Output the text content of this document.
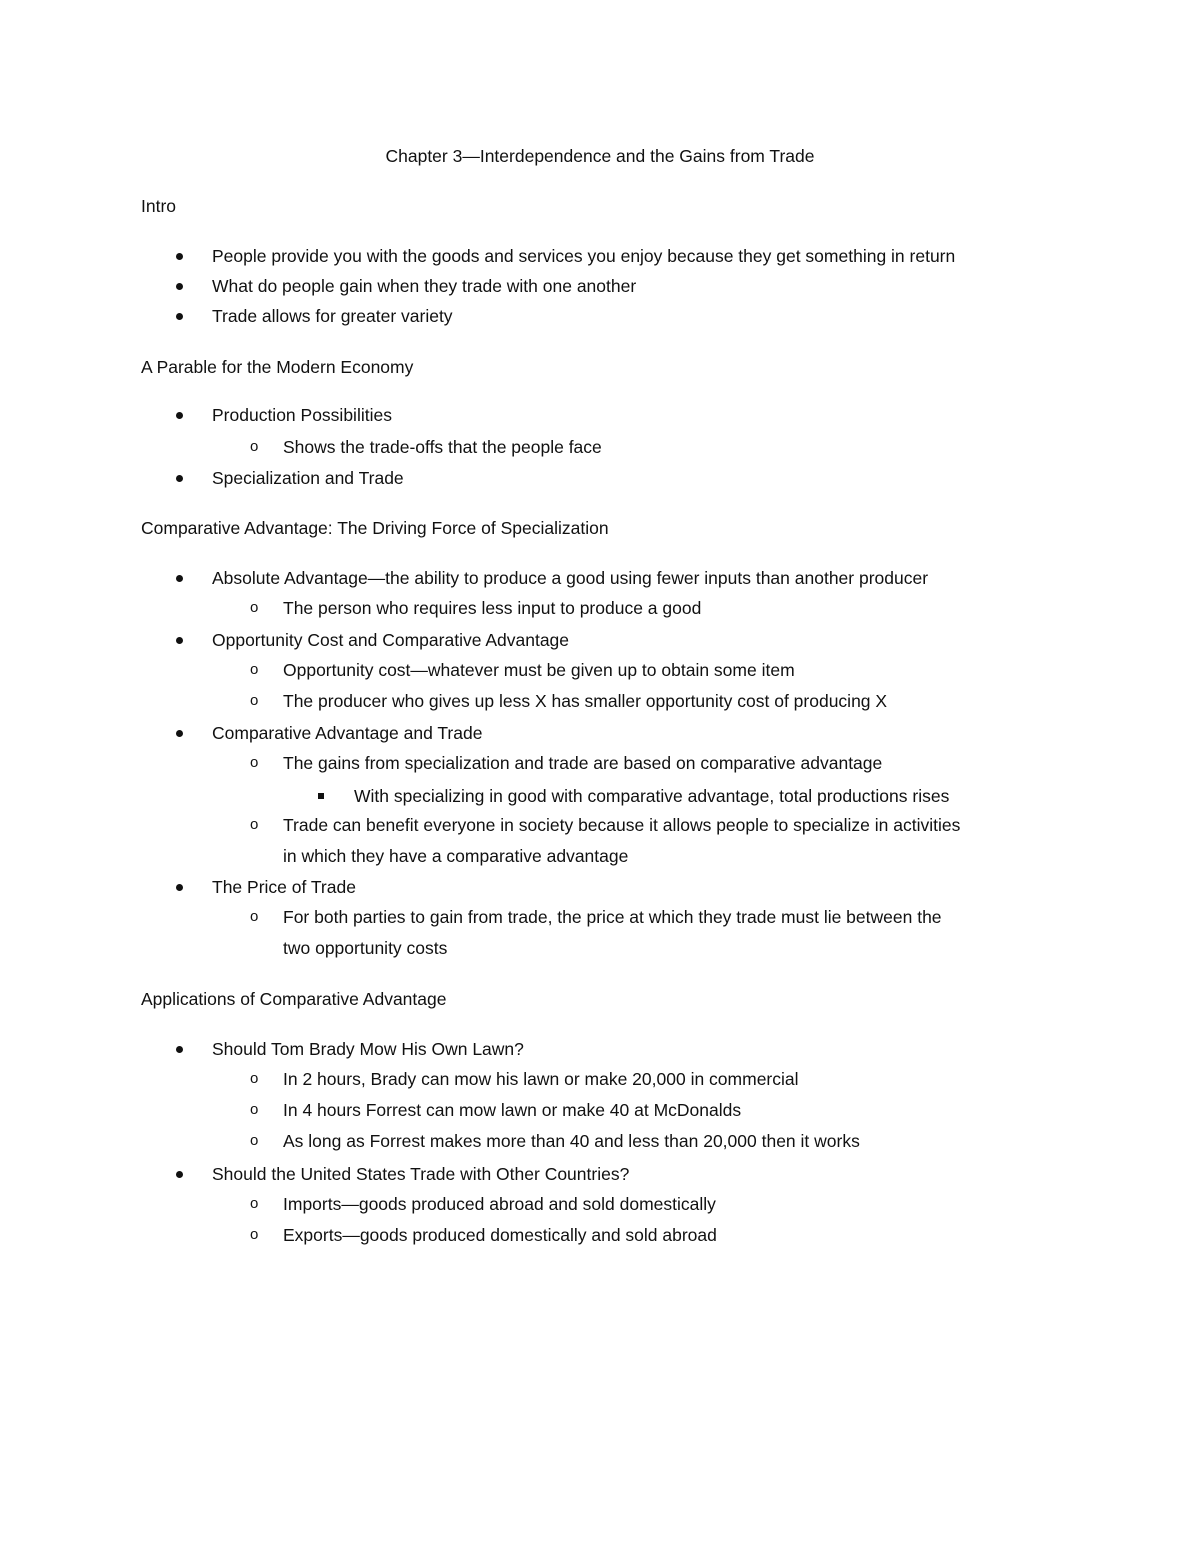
Chapter 3—Interdependence and the Gains from Trade
Intro
People provide you with the goods and services you enjoy because they get something in return
What do people gain when they trade with one another
Trade allows for greater variety
A Parable for the Modern Economy
Production Possibilities
o Shows the trade-offs that the people face
Specialization and Trade
Comparative Advantage: The Driving Force of Specialization
Absolute Advantage—the ability to produce a good using fewer inputs than another producer
o The person who requires less input to produce a good
Opportunity Cost and Comparative Advantage
o Opportunity cost—whatever must be given up to obtain some item
o The producer who gives up less X has smaller opportunity cost of producing X
Comparative Advantage and Trade
o The gains from specialization and trade are based on comparative advantage
With specializing in good with comparative advantage, total productions rises
o Trade can benefit everyone in society because it allows people to specialize in activities
in which they have a comparative advantage
The Price of Trade
o For both parties to gain from trade, the price at which they trade must lie between the
two opportunity costs
Applications of Comparative Advantage
Should Tom Brady Mow His Own Lawn?
o In 2 hours, Brady can mow his lawn or make 20,000 in commercial
o In 4 hours Forrest can mow lawn or make 40 at McDonalds
o As long as Forrest makes more than 40 and less than 20,000 then it works
Should the United States Trade with Other Countries?
o Imports—goods produced abroad and sold domestically
o Exports—goods produced domestically and sold abroad
